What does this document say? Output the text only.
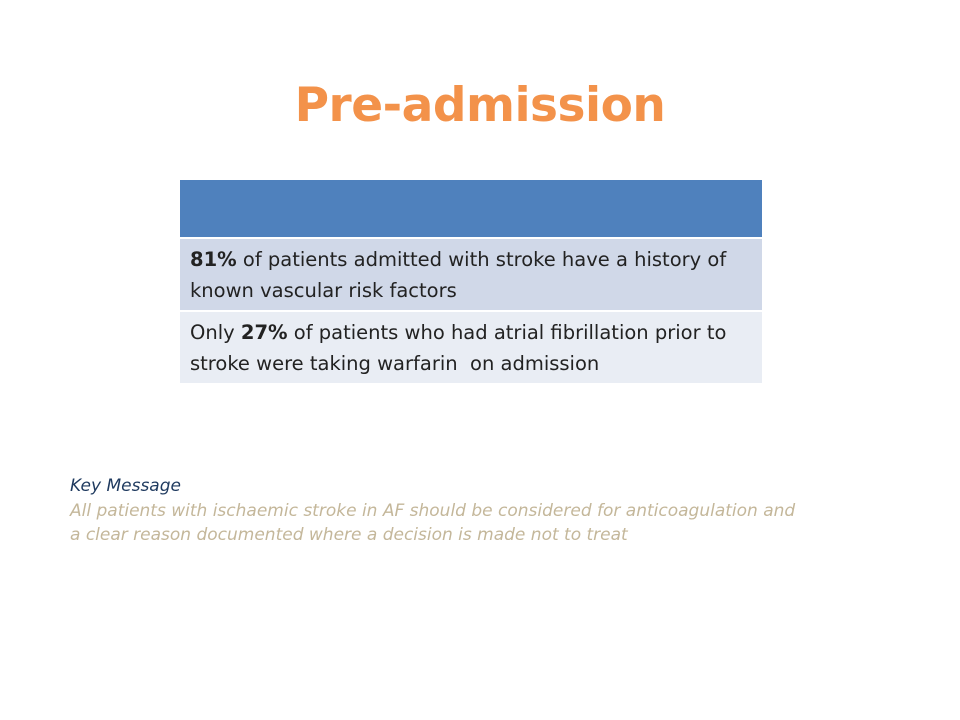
Pre-admission
81% of patients admitted with stroke have a history of known vascular risk factors
Only 27% of patients who had atrial fibrillation prior to stroke were taking warfarin  on admission
Key Message
All patients with ischaemic stroke in AF should be considered for anticoagulation and a clear reason documented where a decision is made not to treat
